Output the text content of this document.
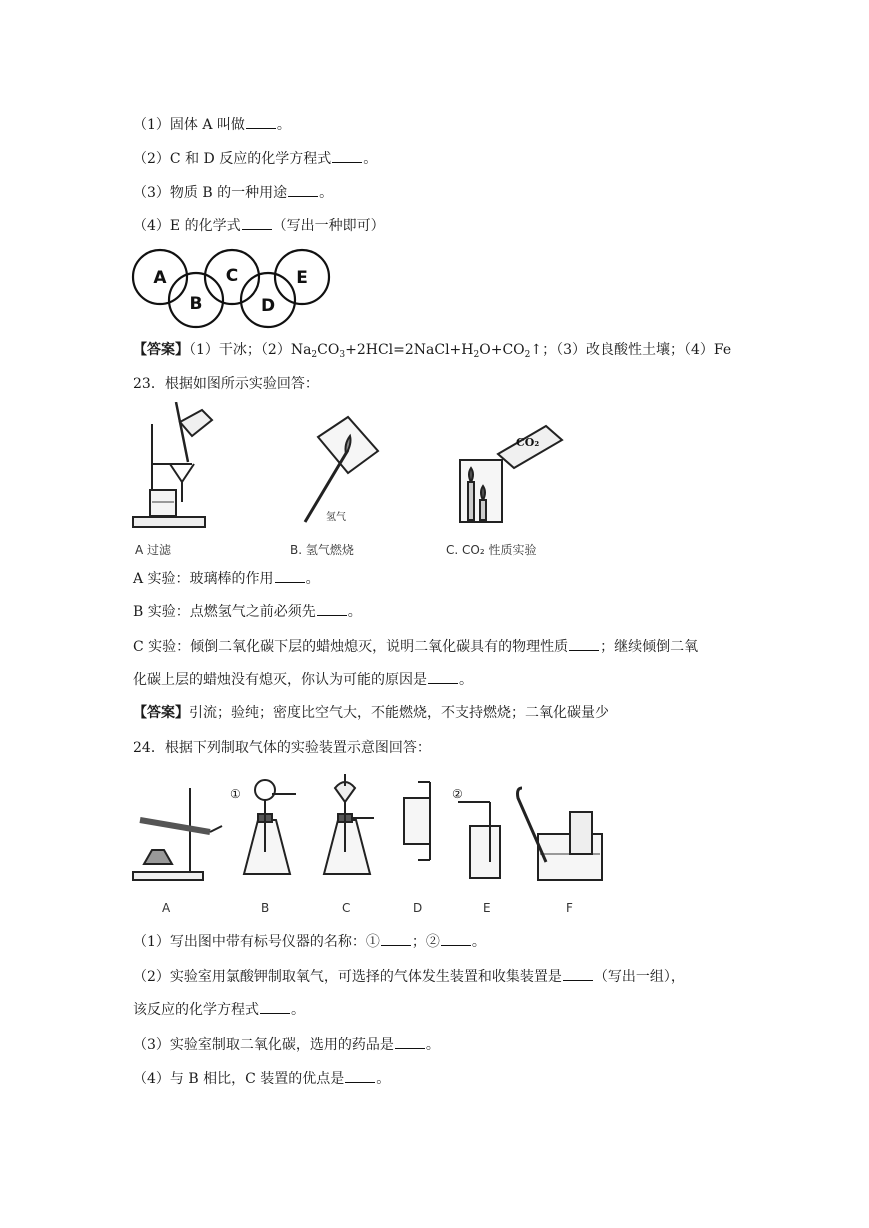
（1）固体 A 叫做 。
（2）C 和 D 反应的化学方程式 。
（3）物质 B 的一种用途 。
（4）E 的化学式 （写出一种即可）
A
B
C
D
E
【答案】（1）干冰；$(2)Na_2CO_3+2HCl=2NaCl+H_2O+CO_2↑$；（3）改良酸性土壤；（4）Fe
23．根据如图所示实验回答：
氢气
CO₂
A 过滤	B. 氢气燃烧	C. CO₂ 性质实验
A 实验：玻璃棒的作用 。
B 实验：点燃氢气之前必须先 。
C 实验：倾倒二氧化碳下层的蜡烛熄灭，说明二氧化碳具有的物理性质 ；继续倾倒二氧
化碳上层的蜡烛没有熄灭，你认为可能的原因是 。
【答案】引流；验纯；密度比空气大，不能燃烧，不支持燃烧；二氧化碳量少
24．根据下列制取气体的实验装置示意图回答：
①	②
A	B	C	D	E	F
（1）写出图中带有标号仪器的名称：① ；② 。
（2）实验室用氯酸钾制取氧气，可选择的气体发生装置和收集装置是 （写出一组），
该反应的化学方程式 。
（3）实验室制取二氧化碳，选用的药品是 。
（4）与 B 相比，C 装置的优点是 。
